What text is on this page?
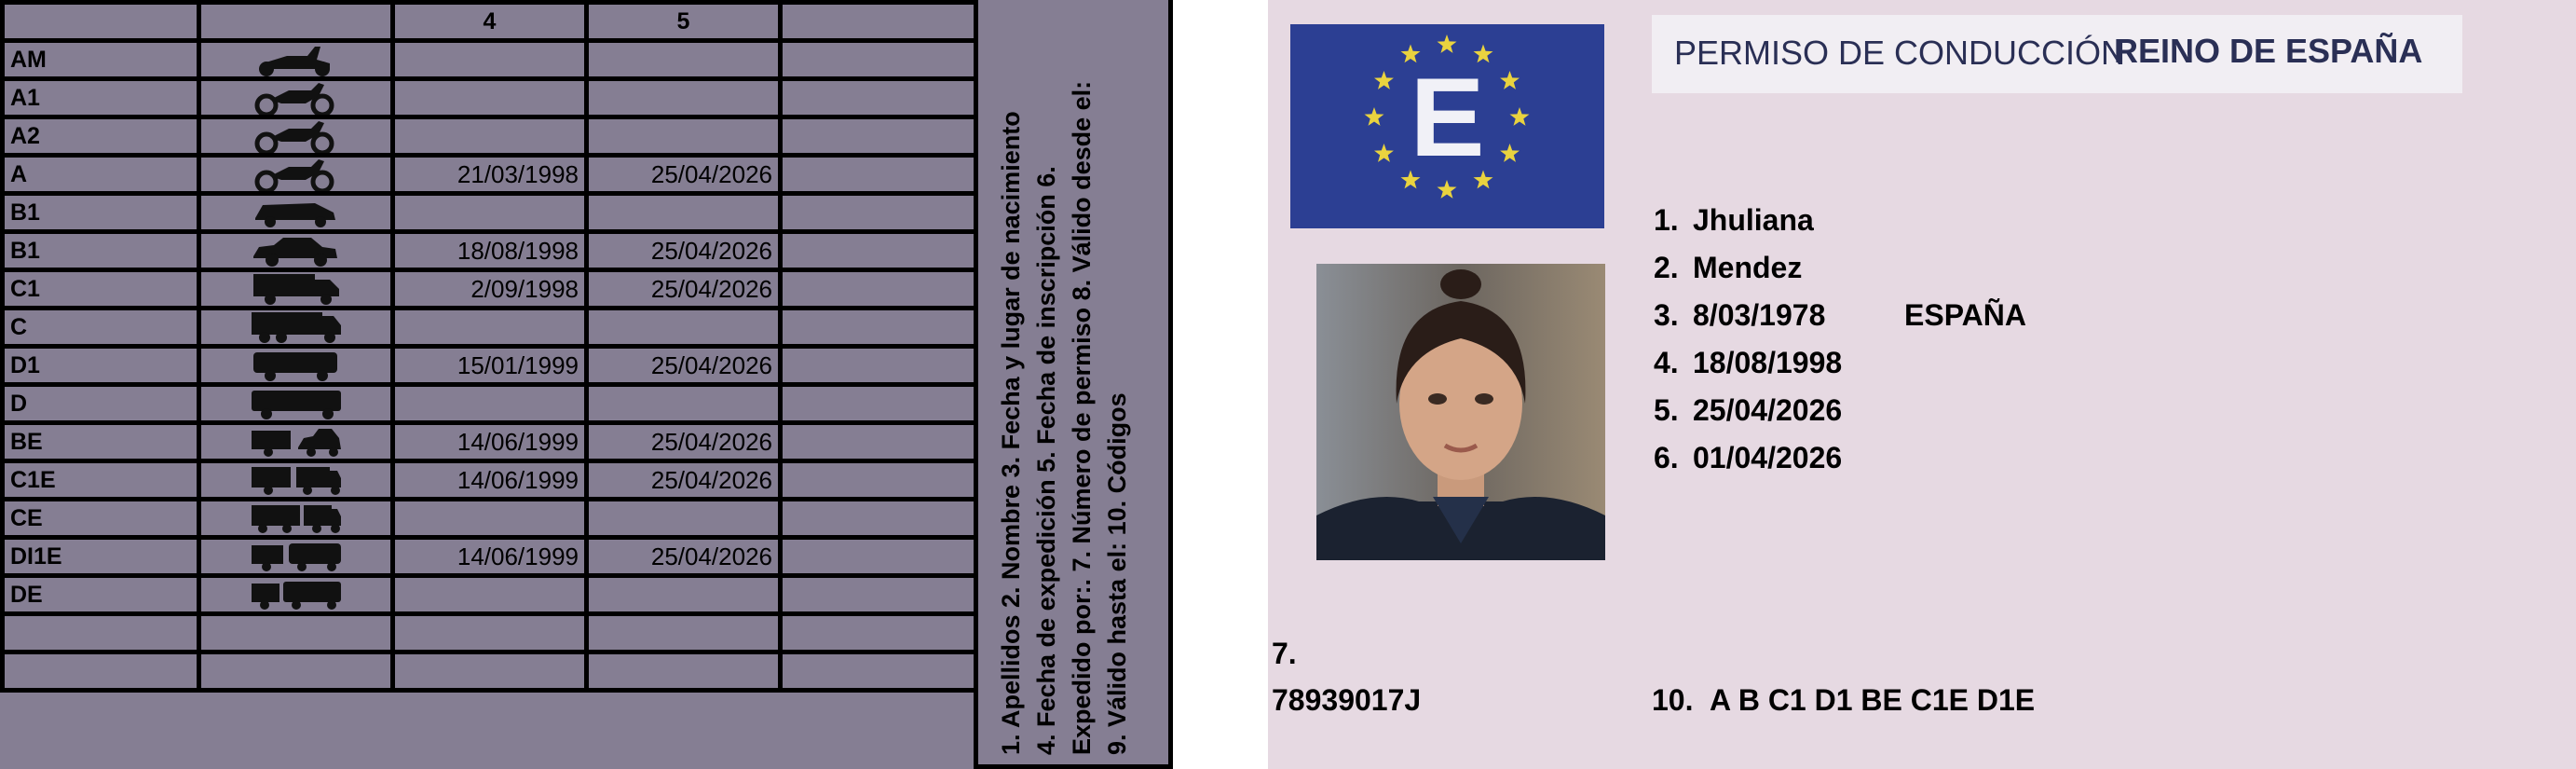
		4	5	
AM	

A1	

A2	

A		21/03/1998	25/04/2026	
B1	

B1		18/08/1998	25/04/2026	
C1		2/09/1998	25/04/2026	
C	

D1		15/01/1999	25/04/2026	
D	

BE		14/06/1999	25/04/2026	
C1E		14/06/1999	25/04/2026	
CE	

DI1E		14/06/1999	25/04/2026	
DE	

					1. Apellidos 2. Nombre 3. Fecha y lugar de nacimiento 4. Fecha de expedición 5. Fecha de inscripción 6. Expedido por:. 7. Número de permiso 8. Válido desde el: 9. Válido hasta el: 10. Códigos
E
PERMISO DE CONDUCCIÓN
REINO DE ESPAÑA
1. Jhuliana
2. Mendez
3. 8/03/1978	ESPAÑA
4. 18/08/1998
5. 25/04/2026
6. 01/04/2026
7.
78939017J	10. A B C1 D1 BE C1E D1E
